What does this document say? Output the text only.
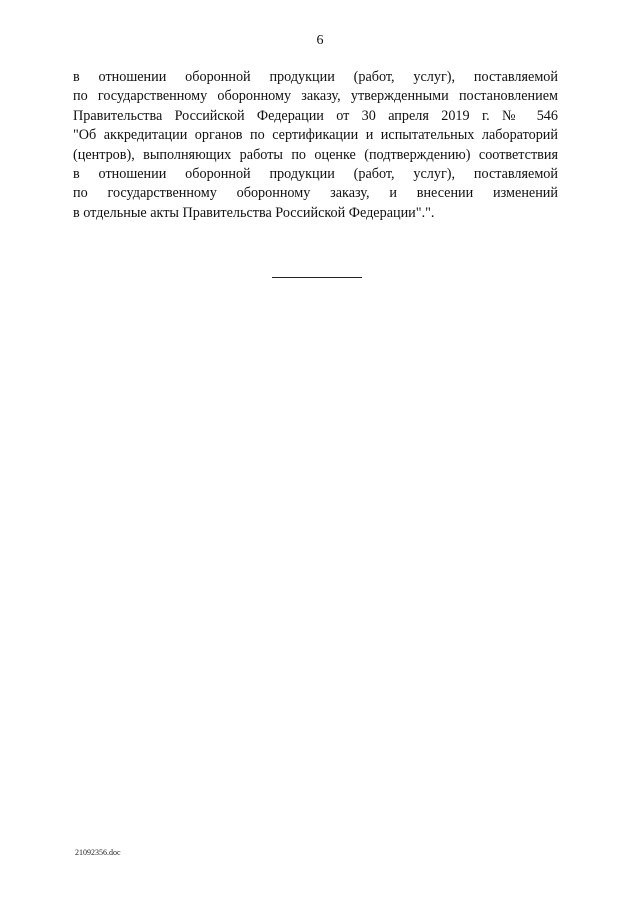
6
в отношении оборонной продукции (работ, услуг), поставляемой
по государственному оборонному заказу, утвержденными постановлением
Правительства Российской Федерации от 30 апреля 2019 г. № 546
"Об аккредитации органов по сертификации и испытательных лабораторий
(центров), выполняющих работы по оценке (подтверждению) соответствия
в отношении оборонной продукции (работ, услуг), поставляемой
по государственному оборонному заказу, и внесении изменений
в отдельные акты Правительства Российской Федерации".".
21092356.doc
